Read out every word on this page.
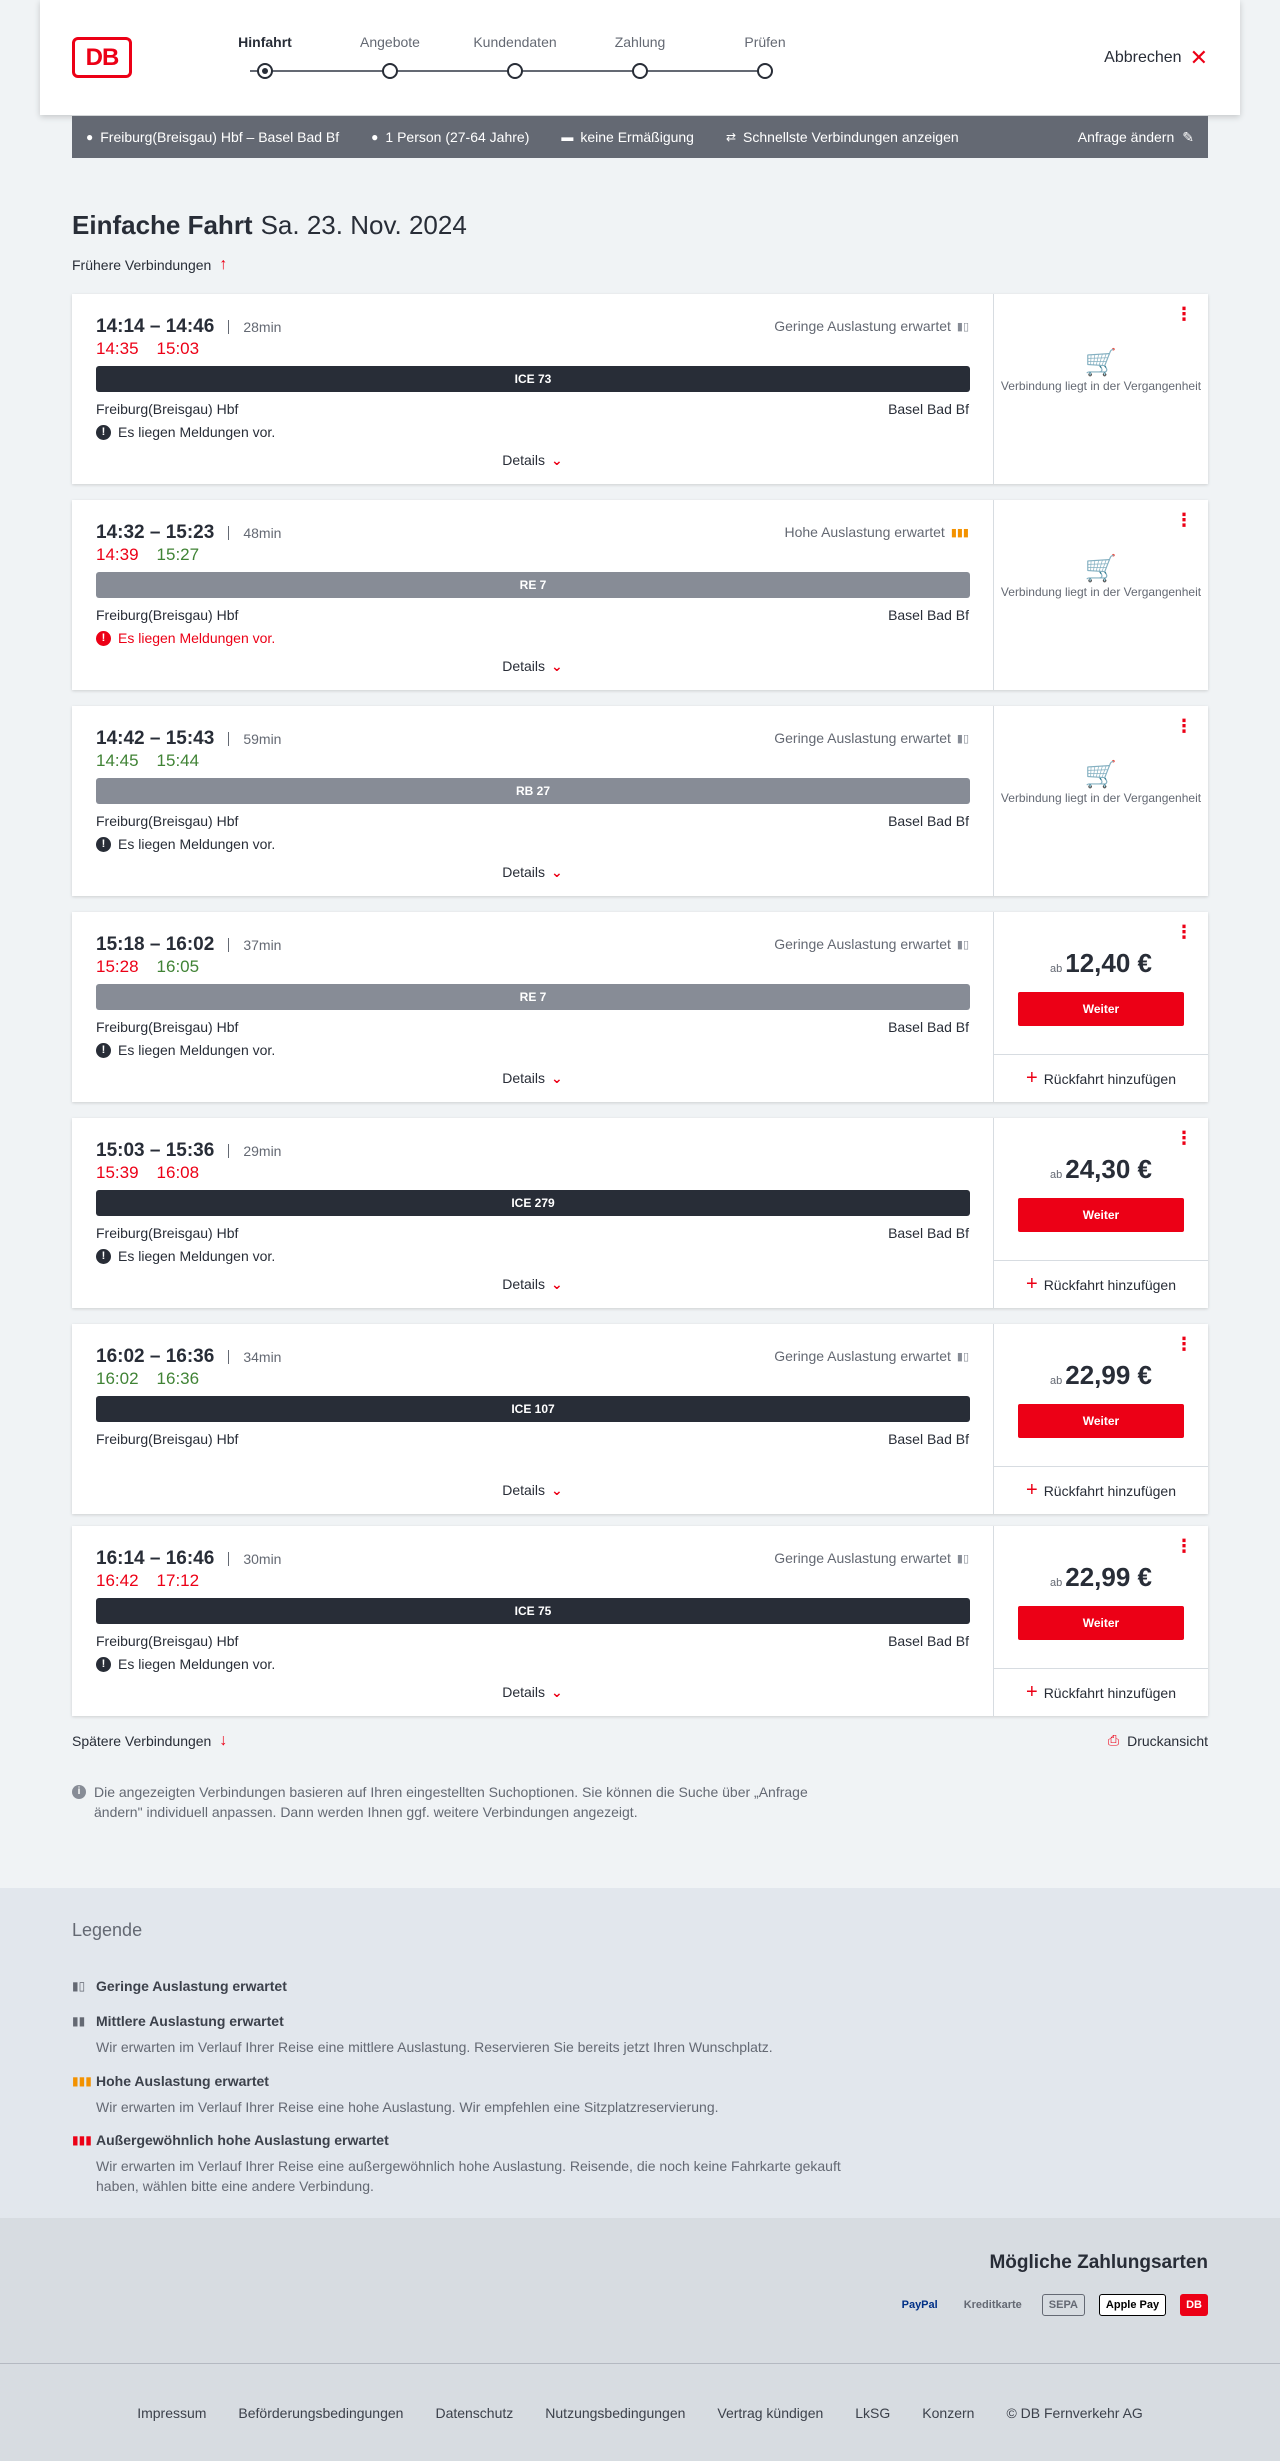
DB
Hinfahrt	Angebote	Kundendaten	Zahlung	Prüfen
Abbrechen ✕
● Freiburg(Breisgau) Hbf – Basel Bad Bf	● 1 Person (27-64 Jahre)	▬ keine Ermäßigung	⇄ Schnellste Verbindungen anzeigen	Anfrage ändern ✎
Einfache Fahrt Sa. 23. Nov. 2024
Frühere Verbindungen ↑
14:14 – 14:46	28min
14:35 15:03
Geringe Auslastung erwartet ▮▯
ICE 73
Freiburg(Breisgau) Hbf	Basel Bad Bf
! Es liegen Meldungen vor.
Details ⌄
⋮
🛒
Verbindung liegt in der Vergangenheit
14:32 – 15:23	48min
14:39 15:27
Hohe Auslastung erwartet ▮▮▮
RE 7
Freiburg(Breisgau) Hbf	Basel Bad Bf
! Es liegen Meldungen vor.
Details ⌄
⋮
🛒
Verbindung liegt in der Vergangenheit
14:42 – 15:43	59min
14:45 15:44
Geringe Auslastung erwartet ▮▯
RB 27
Freiburg(Breisgau) Hbf	Basel Bad Bf
! Es liegen Meldungen vor.
Details ⌄
⋮
🛒
Verbindung liegt in der Vergangenheit
15:18 – 16:02	37min
15:28 16:05
Geringe Auslastung erwartet ▮▯
RE 7
Freiburg(Breisgau) Hbf	Basel Bad Bf
! Es liegen Meldungen vor.
Details ⌄
⋮
ab 12,40 €
Weiter
+ Rückfahrt hinzufügen
15:03 – 15:36	29min
15:39 16:08
ICE 279
Freiburg(Breisgau) Hbf	Basel Bad Bf
! Es liegen Meldungen vor.
Details ⌄
⋮
ab 24,30 €
Weiter
+ Rückfahrt hinzufügen
16:02 – 16:36	34min
16:02 16:36
Geringe Auslastung erwartet ▮▯
ICE 107
Freiburg(Breisgau) Hbf	Basel Bad Bf
Details ⌄
⋮
ab 22,99 €
Weiter
+ Rückfahrt hinzufügen
16:14 – 16:46	30min
16:42 17:12
Geringe Auslastung erwartet ▮▯
ICE 75
Freiburg(Breisgau) Hbf	Basel Bad Bf
! Es liegen Meldungen vor.
Details ⌄
⋮
ab 22,99 €
Weiter
+ Rückfahrt hinzufügen
Spätere Verbindungen ↓	⎙ Druckansicht
i Die angezeigten Verbindungen basieren auf Ihren eingestellten Suchoptionen. Sie können die Suche über „Anfrage ändern" individuell anpassen. Dann werden Ihnen ggf. weitere Verbindungen angezeigt.
Legende
▮▯ Geringe Auslastung erwartet
▮▮ Mittlere Auslastung erwartet
Wir erwarten im Verlauf Ihrer Reise eine mittlere Auslastung. Reservieren Sie bereits jetzt Ihren Wunschplatz.
▮▮▮ Hohe Auslastung erwartet
Wir erwarten im Verlauf Ihrer Reise eine hohe Auslastung. Wir empfehlen eine Sitzplatzreservierung.
▮▮▮ Außergewöhnlich hohe Auslastung erwartet
Wir erwarten im Verlauf Ihrer Reise eine außergewöhnlich hohe Auslastung. Reisende, die noch keine Fahrkarte gekauft haben, wählen bitte eine andere Verbindung.
Mögliche Zahlungsarten
PayPal	Kreditkarte	SEPA	Apple Pay	DB
Impressum Beförderungsbedingungen Datenschutz Nutzungsbedingungen Vertrag kündigen LkSG Konzern © DB Fernverkehr AG
